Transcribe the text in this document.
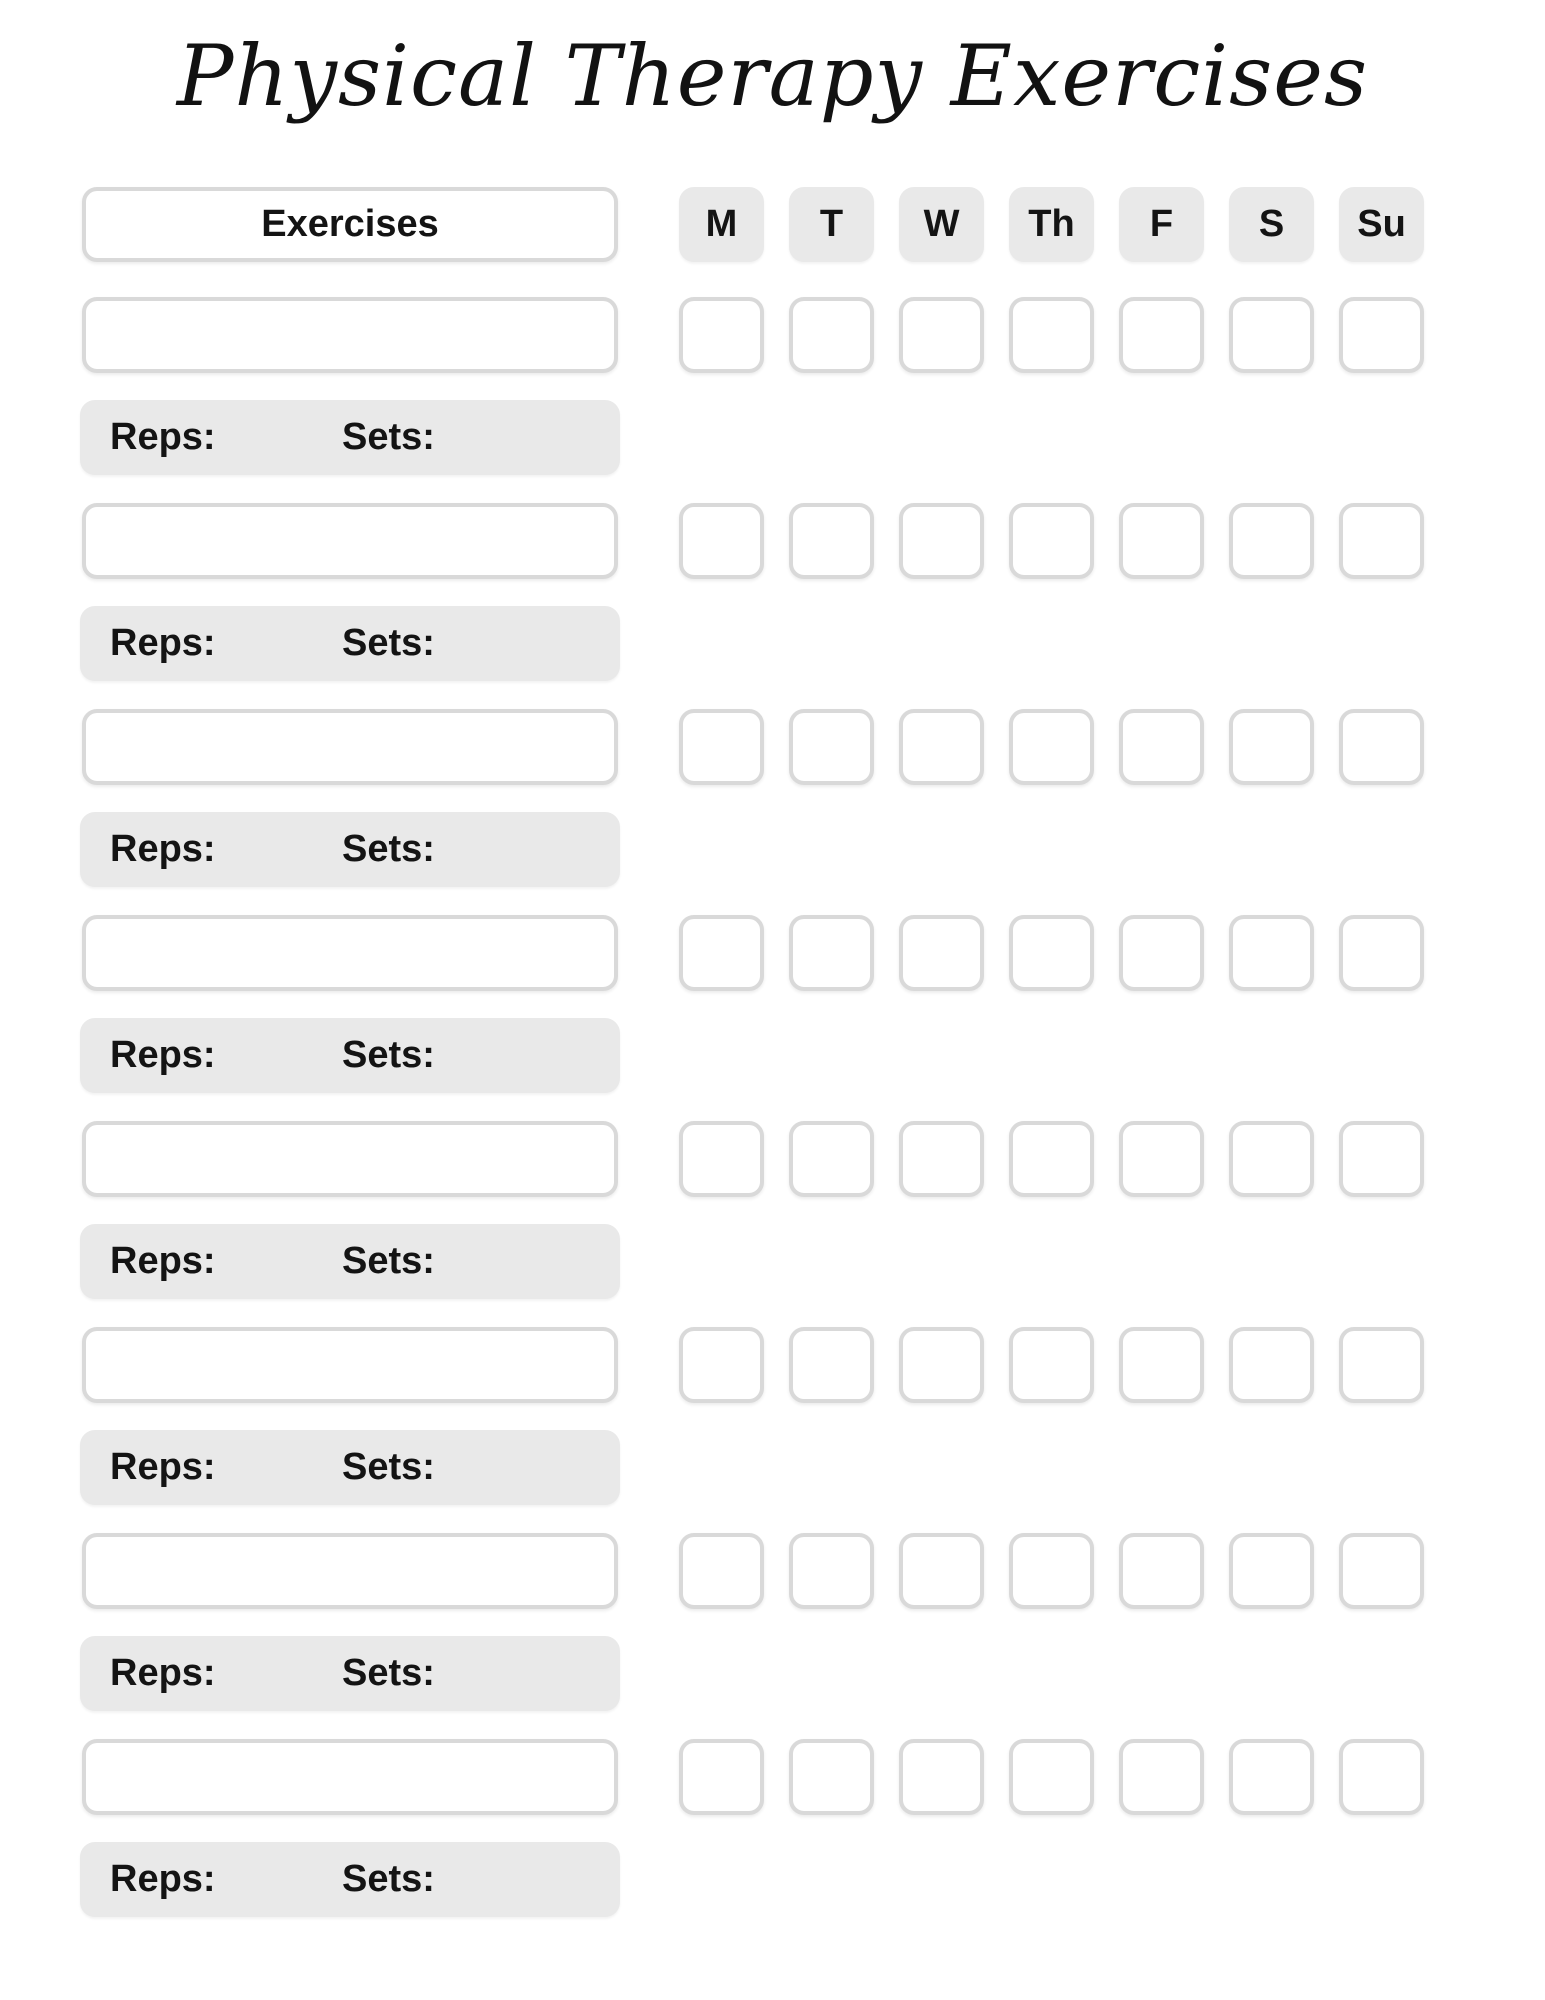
Physical Therapy Exercises
Exercises	M	T	W	Th	F	S	Su
Reps:	Sets:
Reps:	Sets:
Reps:	Sets:
Reps:	Sets:
Reps:	Sets:
Reps:	Sets:
Reps:	Sets:
Reps:	Sets:
